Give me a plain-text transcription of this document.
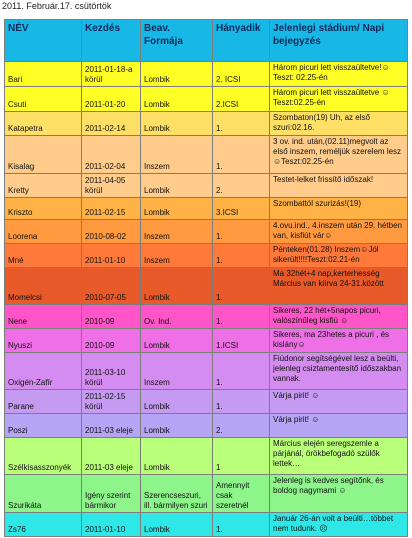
2011. Február.17. csütörtök
NÉV	Kezdés	Beav. Formája	Hányadik	Jelenlegi stádium/ Napi bejegyzés
Bari	2011-01-18-a körül	Lombik	2. ICSI	Három picuri lett visszaültetve!☺Teszt: 02.25-én
Csuti	2011-01-20	Lombik	2.ICSI	Három picuri lett visszaültetve ☺Teszt:02.25-én
Katapetra	2011-02-14	Lombik	1.	Szombaton(19) Uh, az első szuri:02.16.
Kisalag	2011-02-04	Inszem	1.	3 ov. ind. után,(02.11)megvolt az első inszem, reméljük szerelem lesz☺Teszt:02.25-én
Kretty	2011-04-05 körül	Lombik	2.	Testet-lelket frissítő időszak!
Kriszto	2011-02-15	Lombik	3.ICSI	Szombattól szurizás!(19)
Loorena	2010-08-02	Inszem	1.	4.ovu.ind., 4.inszem után 29. hétben van, kisfiút vár☺
Mné	2011-01-10	Inszem	1.	Pénteken(01.28) Inszem☺Jól sikerült!!!!Teszt:02.21-én
Momelcsi	2010-07-05	Lombik	1.	Ma 32hét+4 nap,kerterhesség Március van kiírva 24-31.között
Nene	2010-09	Ov. Ind.	1.	Sikeres, 22 hét+5napos picuri, valószínűleg kisfiú ☺
Nyuszi	2010-09	Lombik	1.ICSI	Sikeres, ma 23hetes a picuri , és kislány☺
Oxigén-Zafír	2011-03-10 körül	Inszem	1.	Fiúdonor segítségével lesz a beülti, jelenleg csiztamentesítő időszakban vannak.
Parane	2011-02-15 körül	Lombik	1.	Várja pirit! ☺
Poszi	2011-03 eleje	Lombik	2.	Várja pirit! ☺
Szélkisasszonyék	2011-03 eleje	Lombik	1	Március elején seregszemle a párjánál, örökbefogadó szülők lettek…
Szurikáta	Igény szerint bármikor	Szerencseszuri, ill. bármilyen szuri	Amennyit csak szeretnél	Jelenleg is kedves segítőnk, és boldog nagymami ☺
Zs76	2011-01-10	Lombik	1.	Január 26-án volt a beülti…többet nem tudunk. ☹
